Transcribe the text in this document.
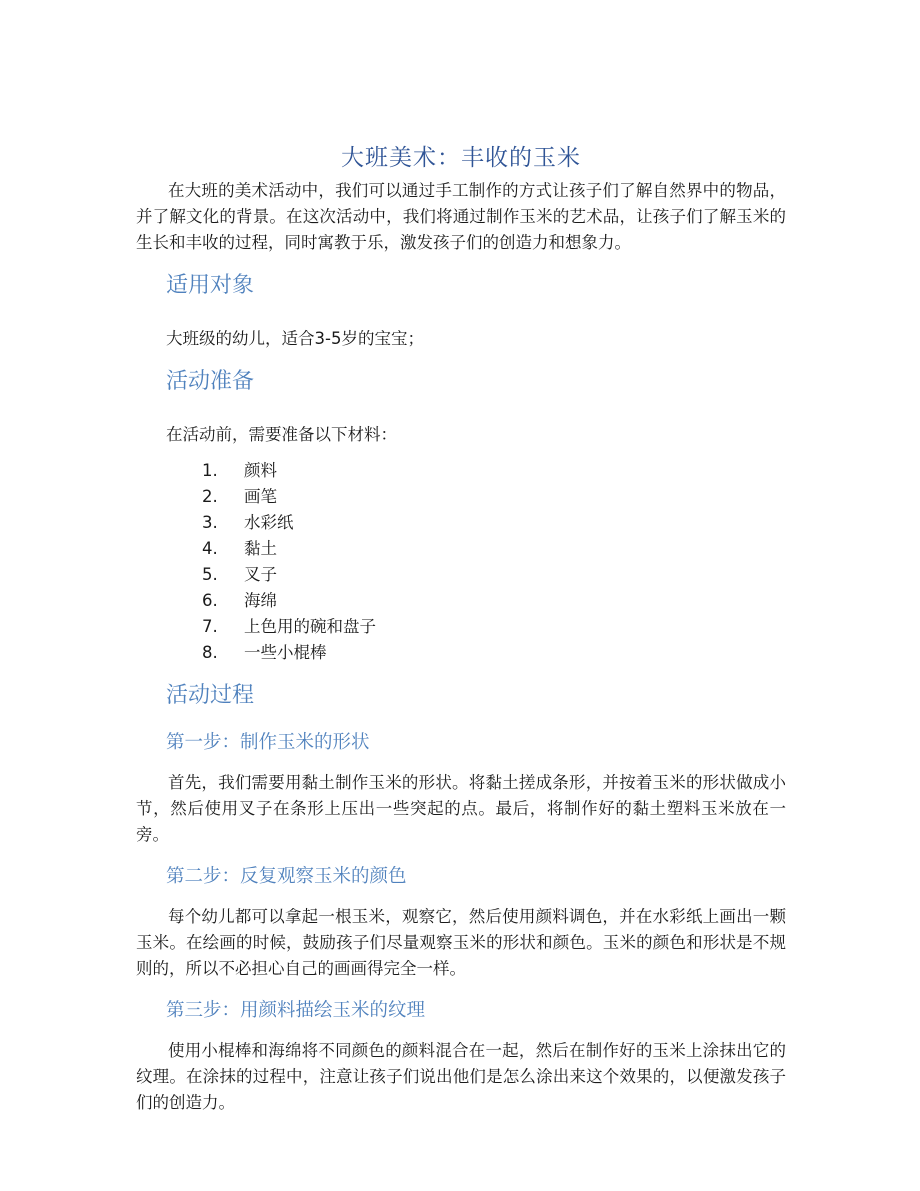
大班美术：丰收的玉米

在大班的美术活动中，我们可以通过手工制作的方式让孩子们了解自然界中的物品，并了解文化的背景。在这次活动中，我们将通过制作玉米的艺术品，让孩子们了解玉米的生长和丰收的过程，同时寓教于乐，激发孩子们的创造力和想象力。

适用对象

大班级的幼儿，适合3-5岁的宝宝；

活动准备

在活动前，需要准备以下材料：

1. 颜料
2. 画笔
3. 水彩纸
4. 黏土
5. 叉子
6. 海绵
7. 上色用的碗和盘子
8. 一些小棍棒
活动过程
第一步：制作玉米的形状

首先，我们需要用黏土制作玉米的形状。将黏土搓成条形，并按着玉米的形状做成小节，然后使用叉子在条形上压出一些突起的点。最后，将制作好的黏土塑料玉米放在一旁。

第二步：反复观察玉米的颜色

每个幼儿都可以拿起一根玉米，观察它，然后使用颜料调色，并在水彩纸上画出一颗玉米。在绘画的时候，鼓励孩子们尽量观察玉米的形状和颜色。玉米的颜色和形状是不规则的，所以不必担心自己的画画得完全一样。

第三步：用颜料描绘玉米的纹理

使用小棍棒和海绵将不同颜色的颜料混合在一起，然后在制作好的玉米上涂抹出它的纹理。在涂抹的过程中，注意让孩子们说出他们是怎么涂出来这个效果的，以便激发孩子们的创造力。
